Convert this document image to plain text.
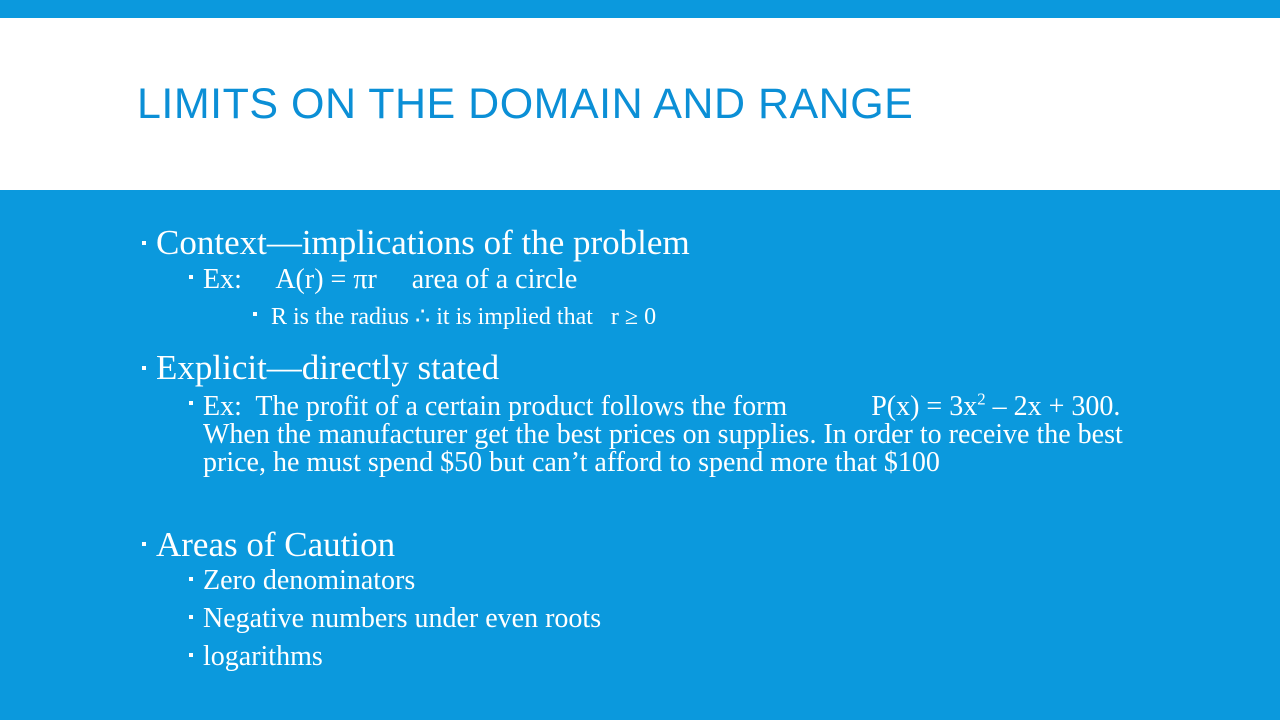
LIMITS ON THE DOMAIN AND RANGE
Context—implications of the problem
Ex:     A(r) = πr     area of a circle
R is the radius ∴ it is implied that   r ≥ 0
Explicit—directly stated
Ex:  The profit of a certain product follows the form            $P(x) = 3x^2 - 2x + 300$. When the manufacturer get the best prices on supplies. In order to receive the best price, he must spend $50 but can’t afford to spend more that $100
Areas of Caution
Zero denominators
Negative numbers under even roots
logarithms
